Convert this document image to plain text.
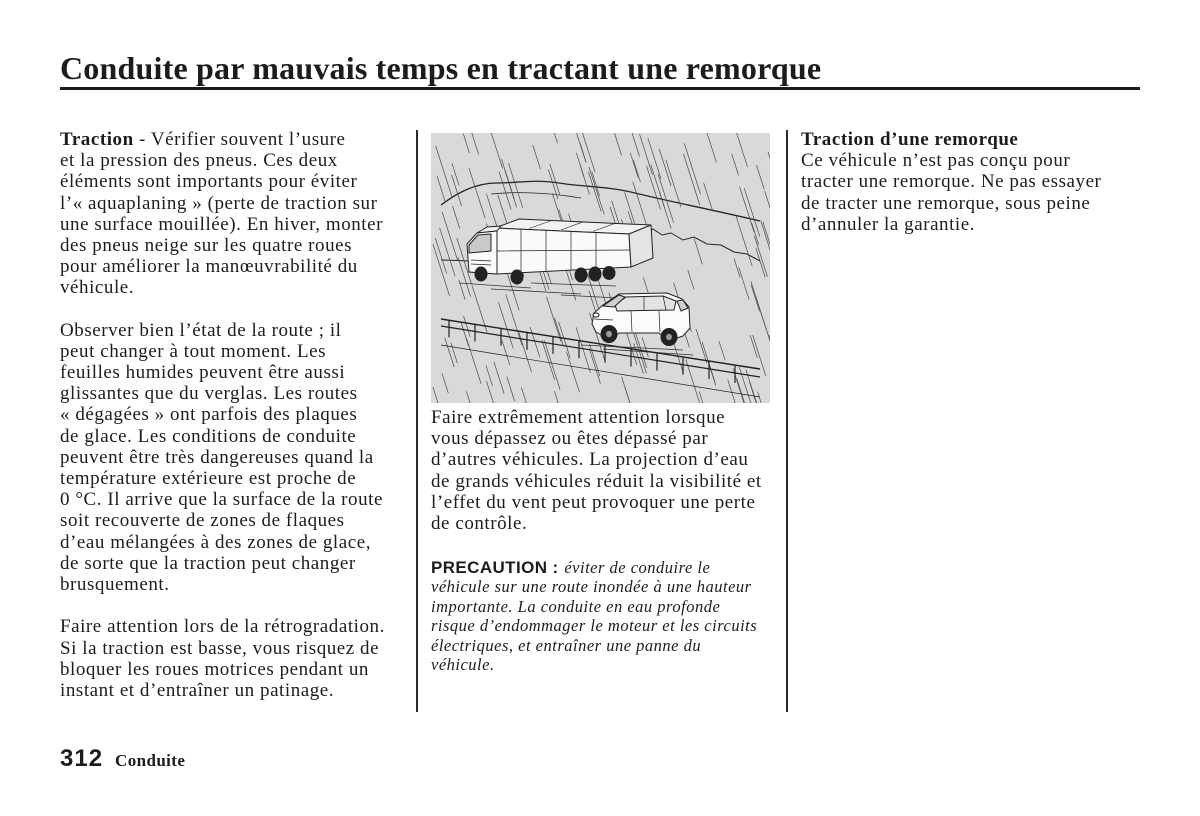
Conduite par mauvais temps en tractant une remorque
Traction - Vérifier souvent l’usure
et la pression des pneus. Ces deux
éléments sont importants pour éviter
l’« aquaplaning » (perte de traction sur
une surface mouillée). En hiver, monter
des pneus neige sur les quatre roues
pour améliorer la manœuvrabilité du
véhicule.
Observer bien l’état de la route ; il
peut changer à tout moment. Les
feuilles humides peuvent être aussi
glissantes que du verglas. Les routes
« dégagées » ont parfois des plaques
de glace. Les conditions de conduite
peuvent être très dangereuses quand la
température extérieure est proche de
0 °C. Il arrive que la surface de la route
soit recouverte de zones de flaques
d’eau mélangées à des zones de glace,
de sorte que la traction peut changer
brusquement.
Faire attention lors de la rétrogradation.
Si la traction est basse, vous risquez de
bloquer les roues motrices pendant un
instant et d’entraîner un patinage.
Faire extrêmement attention lorsque
vous dépassez ou êtes dépassé par
d’autres véhicules. La projection d’eau
de grands véhicules réduit la visibilité et
l’effet du vent peut provoquer une perte
de contrôle.
PRECAUTION : éviter de conduire le
véhicule sur une route inondée à une hauteur
importante. La conduite en eau profonde
risque d’endommager le moteur et les circuits
électriques, et entraîner une panne du
véhicule.
Traction d’une remorque
Ce véhicule n’est pas conçu pour
tracter une remorque. Ne pas essayer
de tracter une remorque, sous peine
d’annuler la garantie.
312 Conduite
